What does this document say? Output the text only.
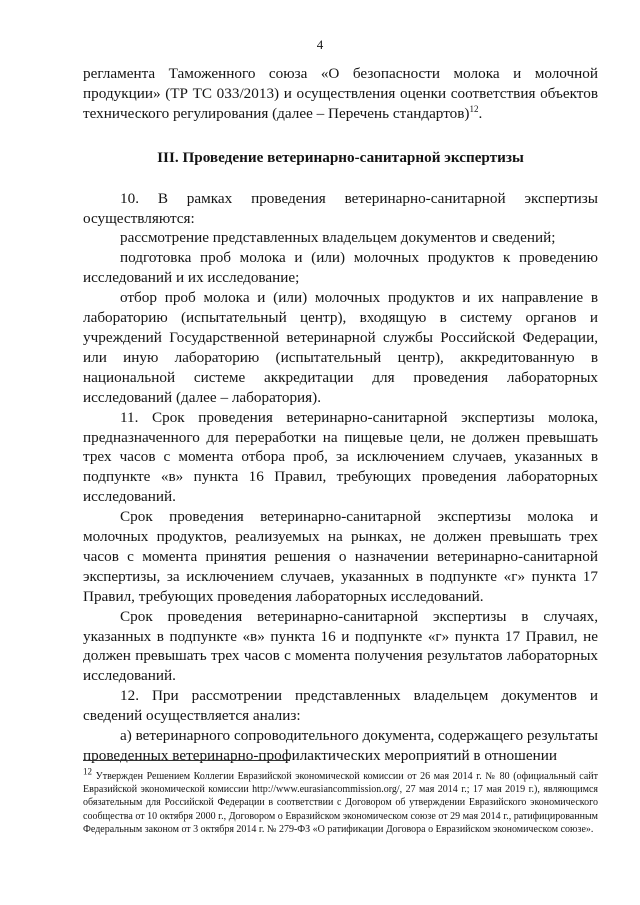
4

регламента Таможенного союза «О безопасности молока и молочной продукции» (ТР ТС 033/2013) и осуществления оценки соответствия объектов технического регулирования (далее – Перечень стандартов)$^{12}$.

III. Проведение ветеринарно-санитарной экспертизы

10. В рамках проведения ветеринарно-санитарной экспертизы осуществляются:

рассмотрение представленных владельцем документов и сведений;

подготовка проб молока и (или) молочных продуктов к проведению исследований и их исследование;

отбор проб молока и (или) молочных продуктов и их направление в лабораторию (испытательный центр), входящую в систему органов и учреждений Государственной ветеринарной службы Российской Федерации, или иную лабораторию (испытательный центр), аккредитованную в национальной системе аккредитации для проведения лабораторных исследований (далее – лаборатория).

11. Срок проведения ветеринарно-санитарной экспертизы молока, предназначенного для переработки на пищевые цели, не должен превышать трех часов с момента отбора проб, за исключением случаев, указанных в подпункте «в» пункта 16 Правил, требующих проведения лабораторных исследований.

Срок проведения ветеринарно-санитарной экспертизы молока и молочных продуктов, реализуемых на рынках, не должен превышать трех часов с момента принятия решения о назначении ветеринарно-санитарной экспертизы, за исключением случаев, указанных в подпункте «г» пункта 17 Правил, требующих проведения лабораторных исследований.

Срок проведения ветеринарно-санитарной экспертизы в случаях, указанных в подпункте «в» пункта 16 и подпункте «г» пункта 17 Правил, не должен превышать трех часов с момента получения результатов лабораторных исследований.

12. При рассмотрении представленных владельцем документов и сведений осуществляется анализ:

а) ветеринарного сопроводительного документа, содержащего результаты проведенных ветеринарно-профилактических мероприятий в отношении

$^{12}$ Утвержден Решением Коллегии Евразийской экономической комиссии от 26 мая 2014 г. № 80 (официальный сайт Евразийской экономической комиссии http://www.eurasiancommission.org/, 27 мая 2014 г.; 17 мая 2019 г.), являющимся обязательным для Российской Федерации в соответствии с Договором об утверждении Евразийского экономического сообщества от 10 октября 2000 г., Договором о Евразийском экономическом союзе от 29 мая 2014 г., ратифицированным Федеральным законом от 3 октября 2014 г. № 279-ФЗ «О ратификации Договора о Евразийском экономическом союзе».
